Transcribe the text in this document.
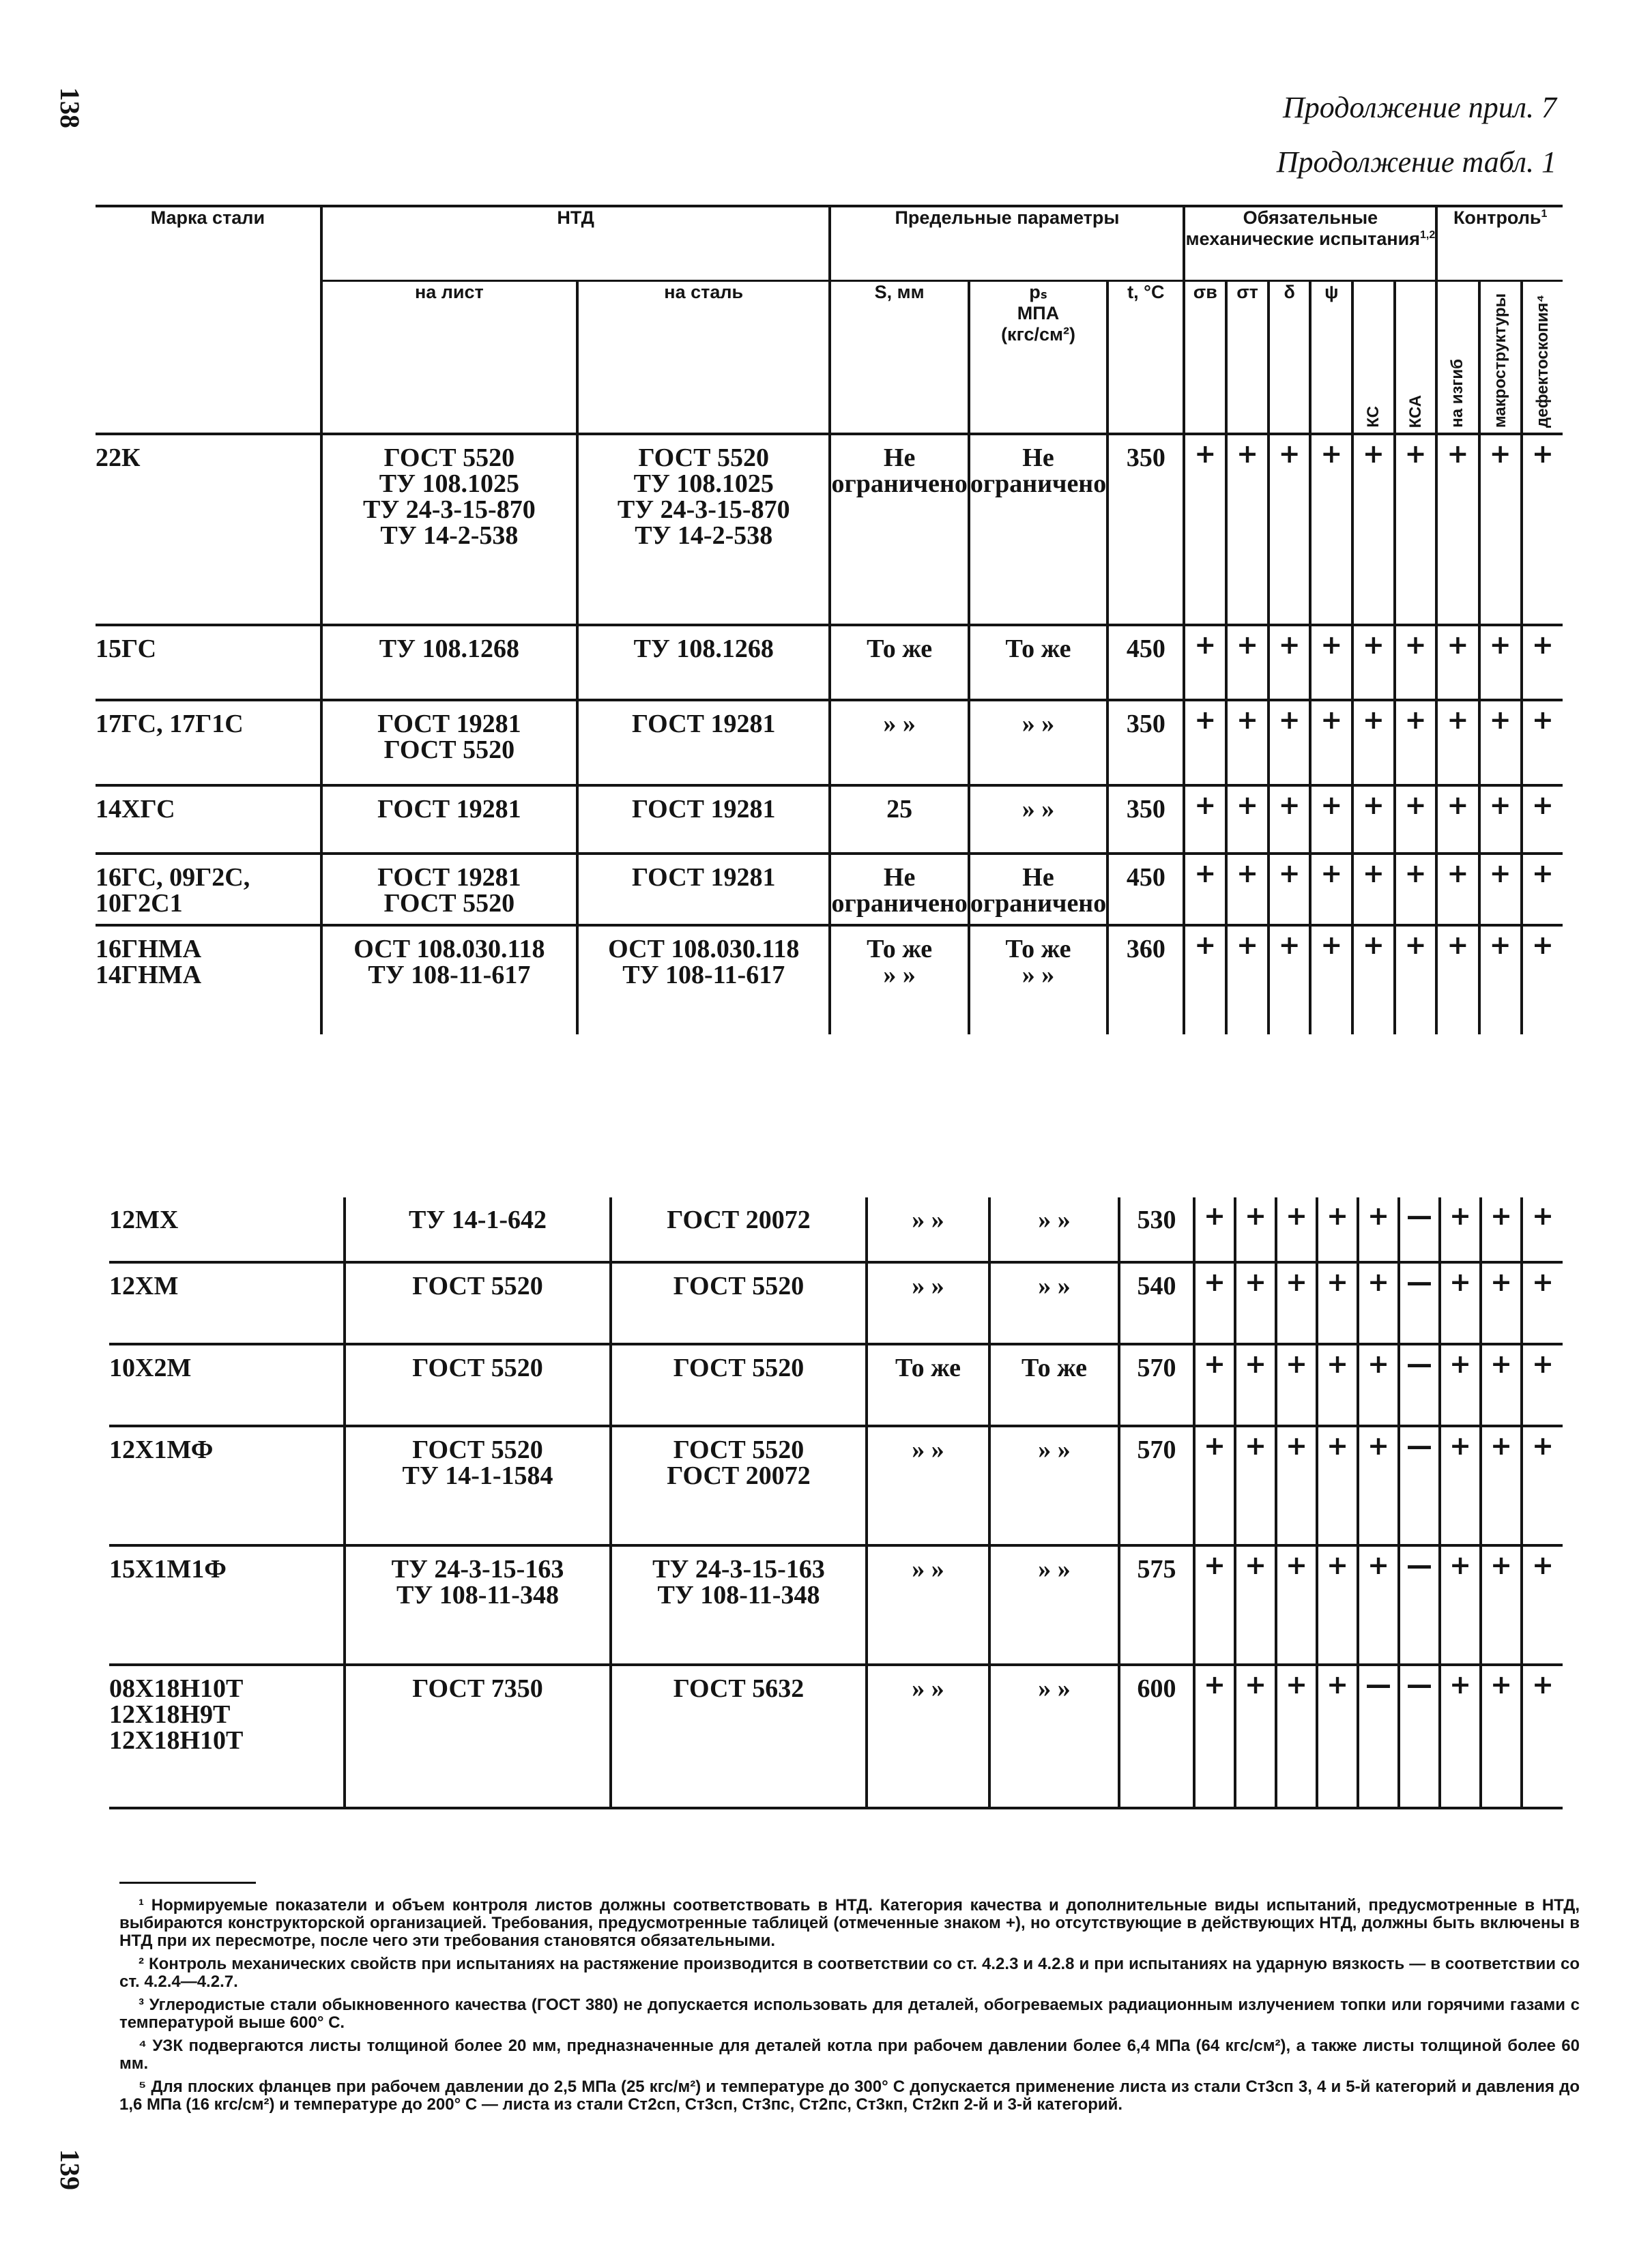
138
139
Продолжение прил. 7
Продолжение табл. 1
Марка стали	НТД		Предельные параметры			Обязательные механические испытания$^{1,2}$						Контроль$^1$
	на лист	на сталь	S, мм	pₛ
МПА
(кгс/см²)	t, °C	σв	σт	δ	ψ	КС	КСА	на изгиб	макроструктуры	дефектоскопия⁴
22К	ГОСТ 5520
ТУ 108.1025
ТУ 24-3-15-870
ТУ 14-2-538	ГОСТ 5520
ТУ 108.1025
ТУ 24-3-15-870
ТУ 14-2-538	Не ограничено	Не ограничено	350	+	+	+	+	+	+	+	+	+
15ГС	ТУ 108.1268	ТУ 108.1268	То же	То же	450	+	+	+	+	+	+	+	+	+
17ГС, 17Г1С	ГОСТ 19281
ГОСТ 5520	ГОСТ 19281	» »	» »	350	+	+	+	+	+	+	+	+	+
14ХГС	ГОСТ 19281	ГОСТ 19281	25	» »	350	+	+	+	+	+	+	+	+	+
16ГС, 09Г2С,
10Г2С1	ГОСТ 19281
ГОСТ 5520	ГОСТ 19281	Не ограничено	Не ограничено	450	+	+	+	+	+	+	+	+	+
16ГНМА
14ГНМА	ОСТ 108.030.118
ТУ 108-11-617	ОСТ 108.030.118
ТУ 108-11-617	То же
» »	То же
» »	360	+	+	+	+	+	+	+	+	+
12МХ	ТУ 14-1-642	ГОСТ 20072	» »	» »	530	+	+	+	+	+	—	+	+	+
12ХМ	ГОСТ 5520	ГОСТ 5520	» »	» »	540	+	+	+	+	+	—	+	+	+
10Х2М	ГОСТ 5520	ГОСТ 5520	То же	То же	570	+	+	+	+	+	—	+	+	+
12Х1МФ	ГОСТ 5520
ТУ 14-1-1584	ГОСТ 5520
ГОСТ 20072	» »	» »	570	+	+	+	+	+	—	+	+	+
15Х1М1Ф	ТУ 24-3-15-163
ТУ 108-11-348	ТУ 24-3-15-163
ТУ 108-11-348	» »	» »	575	+	+	+	+	+	—	+	+	+
08Х18Н10Т
12Х18Н9Т
12Х18Н10Т	ГОСТ 7350	ГОСТ 5632	» »	» »	600	+	+	+	+	—	—	+	+	+

¹ Нормируемые показатели и объем контроля листов должны соответствовать в НТД. Категория качества и дополнительные виды испытаний, предусмотренные в НТД, выбираются конструкторской организацией. Требования, предусмотренные таблицей (отмеченные знаком +), но отсутствующие в действующих НТД, должны быть включены в НТД при их пересмотре, после чего эти требования становятся обязательными.

² Контроль механических свойств при испытаниях на растяжение производится в соответствии со ст. 4.2.3 и 4.2.8 и при испытаниях на ударную вязкость — в соответствии со ст. 4.2.4—4.2.7.

³ Углеродистые стали обыкновенного качества (ГОСТ 380) не допускается использовать для деталей, обогреваемых радиационным излучением топки или горячими газами с температурой выше 600° С.

⁴ УЗК подвергаются листы толщиной более 20 мм, предназначенные для деталей котла при рабочем давлении более 6,4 МПа (64 кгс/см²), а также листы толщиной более 60 мм.

⁵ Для плоских фланцев при рабочем давлении до 2,5 МПа (25 кгс/м²) и температуре до 300° С допускается применение листа из стали Ст3сп 3, 4 и 5-й категорий и давления до 1,6 МПа (16 кгс/см²) и температуре до 200° С — листа из стали Ст2сп, Ст3сп, Ст3пс, Ст2пс, Ст3кп, Ст2кп 2-й и 3-й категорий.
